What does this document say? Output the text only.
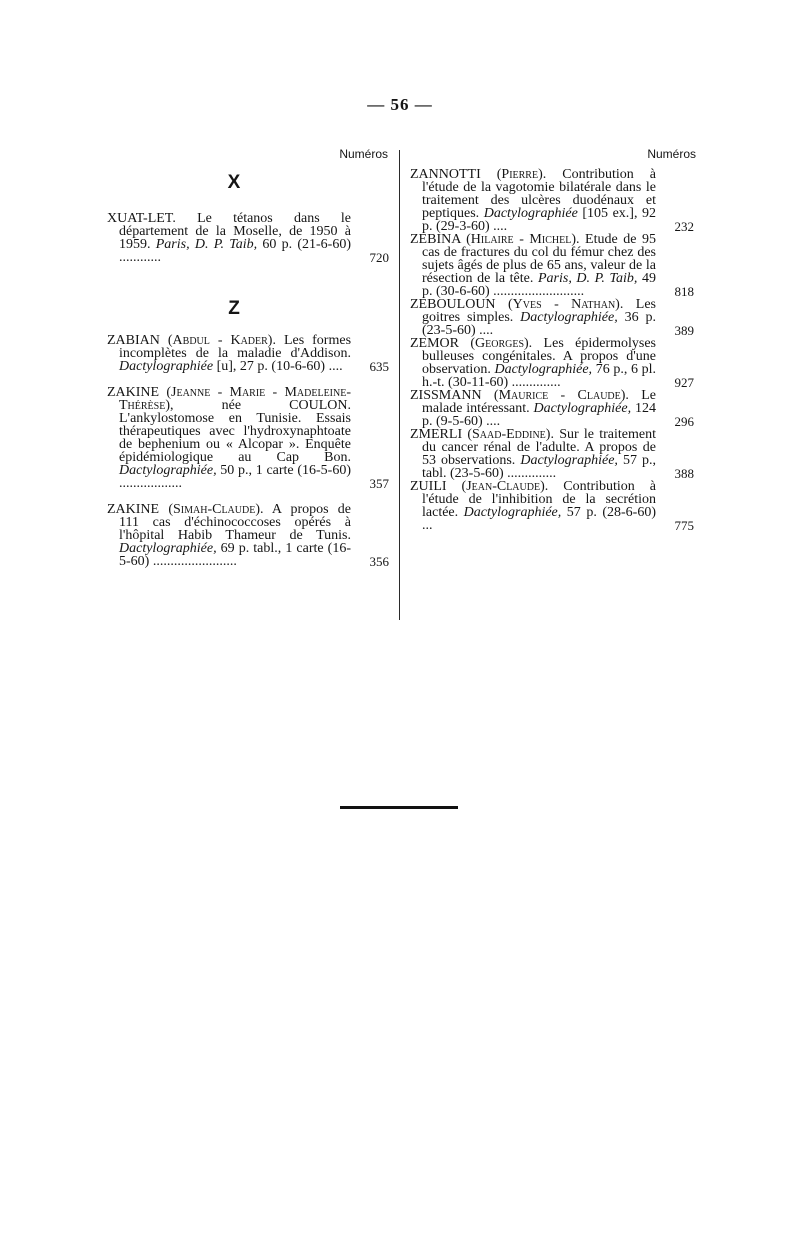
— 56 —
Numéros	Numéros
X
XUAT-LET. Le tétanos dans le département de la Moselle, de 1950 à 1959. Paris, D. P. Taib, 60 p. (21-6-60) ............	720
Z
ZABIAN (Abdul - Kader). Les formes incomplètes de la maladie d'Addison. Dactylographiée [u], 27 p. (10-6-60) .... 635
ZAKINE (Jeanne - Marie - Madeleine-Thérèse), née COULON. L'ankylostomose en Tunisie. Essais thérapeutiques avec l'hydroxynaphtoate de bephenium ou « Alcopar ». Enquête épidémiologique au Cap Bon. Dactylographiée, 50 p., 1 carte (16-5-60) ..................	357
ZAKINE (Simah-Claude). A propos de 111 cas d'échinococcoses opérés à l'hôpital Habib Thameur de Tunis. Dactylographiée, 69 p. tabl., 1 carte (16-5-60) ........................	356
ZANNOTTI (Pierre). Contribution à l'étude de la vagotomie bilatérale dans le traitement des ulcères duodénaux et peptiques. Dactylographiée [105 ex.], 92 p. (29-3-60) ....	232
ZEBINA (Hilaire - Michel). Etude de 95 cas de fractures du col du fémur chez des sujets âgés de plus de 65 ans, valeur de la résection de la tête. Paris, D. P. Taib, 49 p. (30-6-60) ..........................	818
ZEBOULOUN (Yves - Nathan). Les goitres simples. Dactylographiée, 36 p. (23-5-60) ....	389
ZEMOR (Georges). Les épidermolyses bulleuses congénitales. A propos d'une observation. Dactylographiée, 76 p., 6 pl. h.-t. (30-11-60) ..............	927
ZISSMANN (Maurice - Claude). Le malade intéressant. Dactylographiée, 124 p. (9-5-60) ....	296
ZMERLI (Saad-Eddine). Sur le traitement du cancer rénal de l'adulte. A propos de 53 observations. Dactylographiée, 57 p., tabl. (23-5-60) ..............	388
ZUILI (Jean-Claude). Contribution à l'étude de l'inhibition de la secrétion lactée. Dactylographiée, 57 p. (28-6-60) ...	775
